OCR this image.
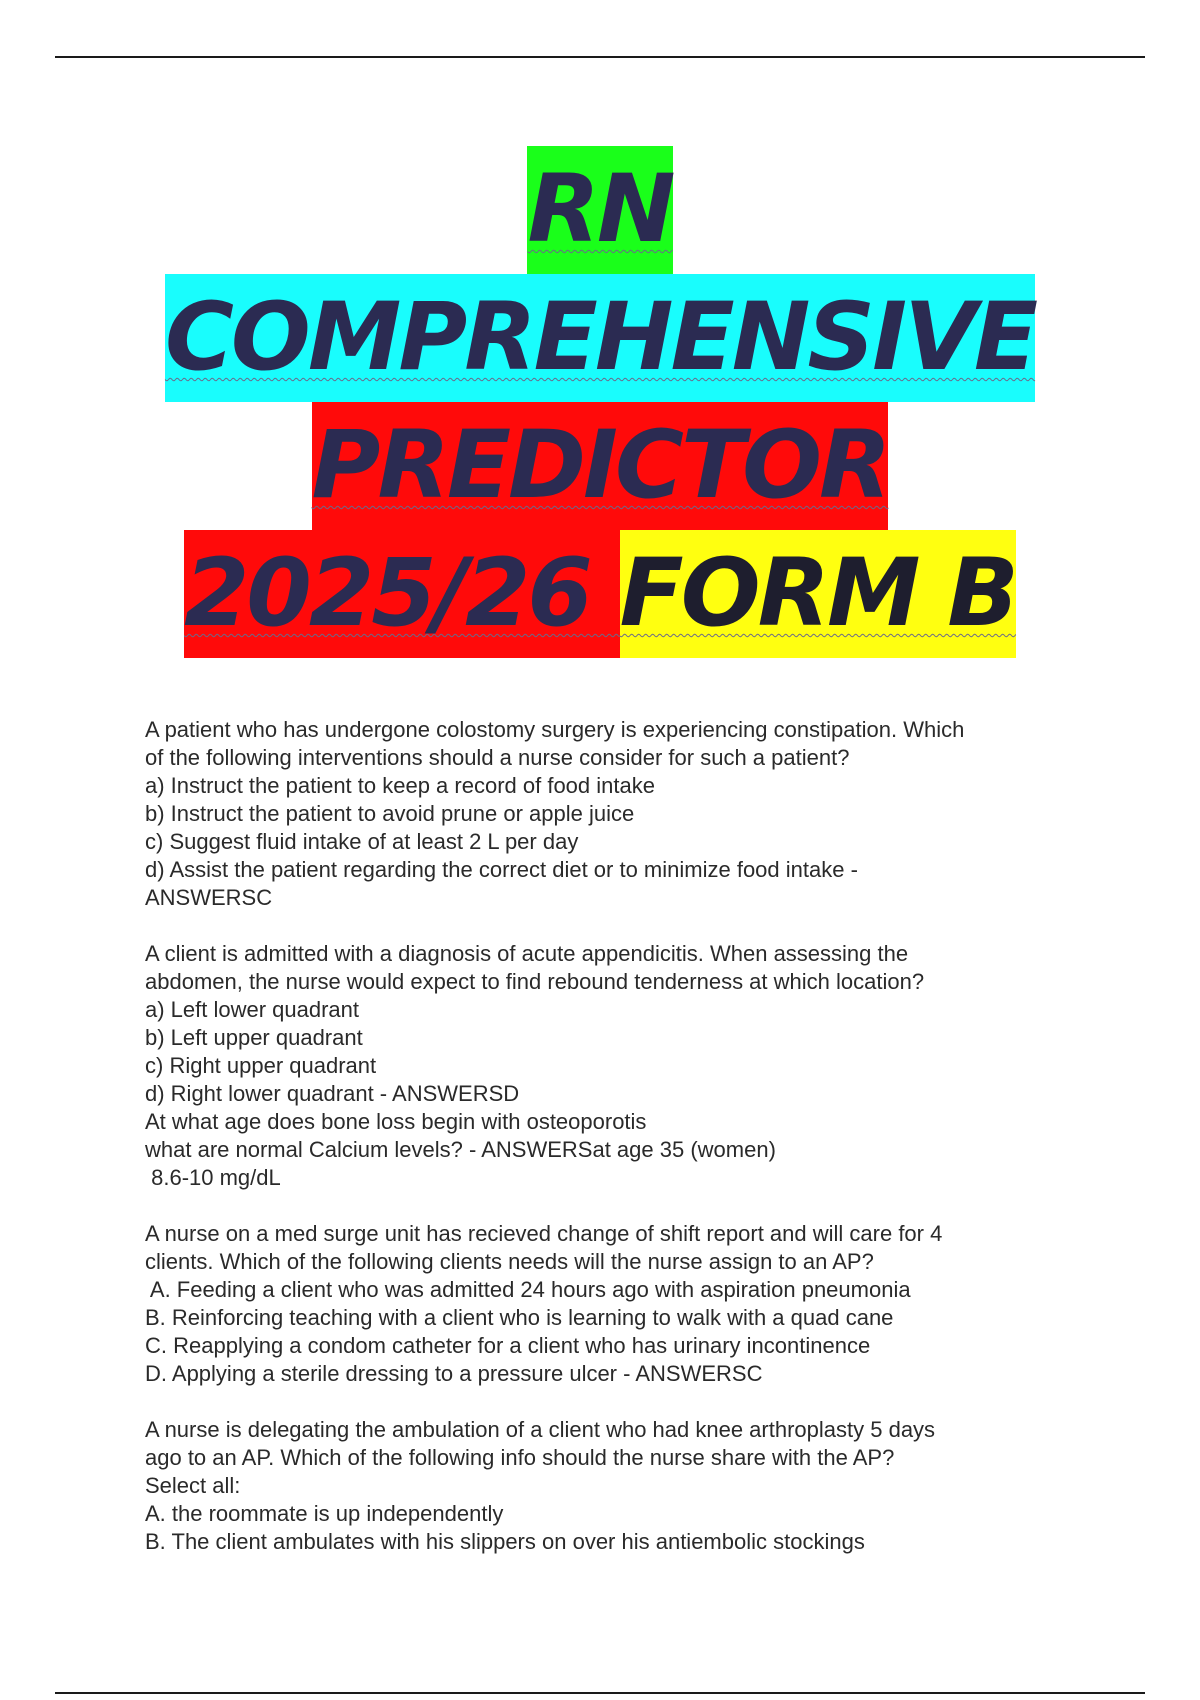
RN
COMPREHENSIVE
PREDICTOR
2025/26 FORM B
A patient who has undergone colostomy surgery is experiencing constipation. Which
of the following interventions should a nurse consider for such a patient?
a) Instruct the patient to keep a record of food intake
b) Instruct the patient to avoid prune or apple juice
c) Suggest fluid intake of at least 2 L per day
d) Assist the patient regarding the correct diet or to minimize food intake -
ANSWERSC
A client is admitted with a diagnosis of acute appendicitis. When assessing the
abdomen, the nurse would expect to find rebound tenderness at which location?
a) Left lower quadrant
b) Left upper quadrant
c) Right upper quadrant
d) Right lower quadrant - ANSWERSD
At what age does bone loss begin with osteoporotis
what are normal Calcium levels? - ANSWERSat age 35 (women)
8.6-10 mg/dL
A nurse on a med surge unit has recieved change of shift report and will care for 4
clients. Which of the following clients needs will the nurse assign to an AP?
A. Feeding a client who was admitted 24 hours ago with aspiration pneumonia
B. Reinforcing teaching with a client who is learning to walk with a quad cane
C. Reapplying a condom catheter for a client who has urinary incontinence
D. Applying a sterile dressing to a pressure ulcer - ANSWERSC
A nurse is delegating the ambulation of a client who had knee arthroplasty 5 days
ago to an AP. Which of the following info should the nurse share with the AP?
Select all:
A. the roommate is up independently
B. The client ambulates with his slippers on over his antiembolic stockings
